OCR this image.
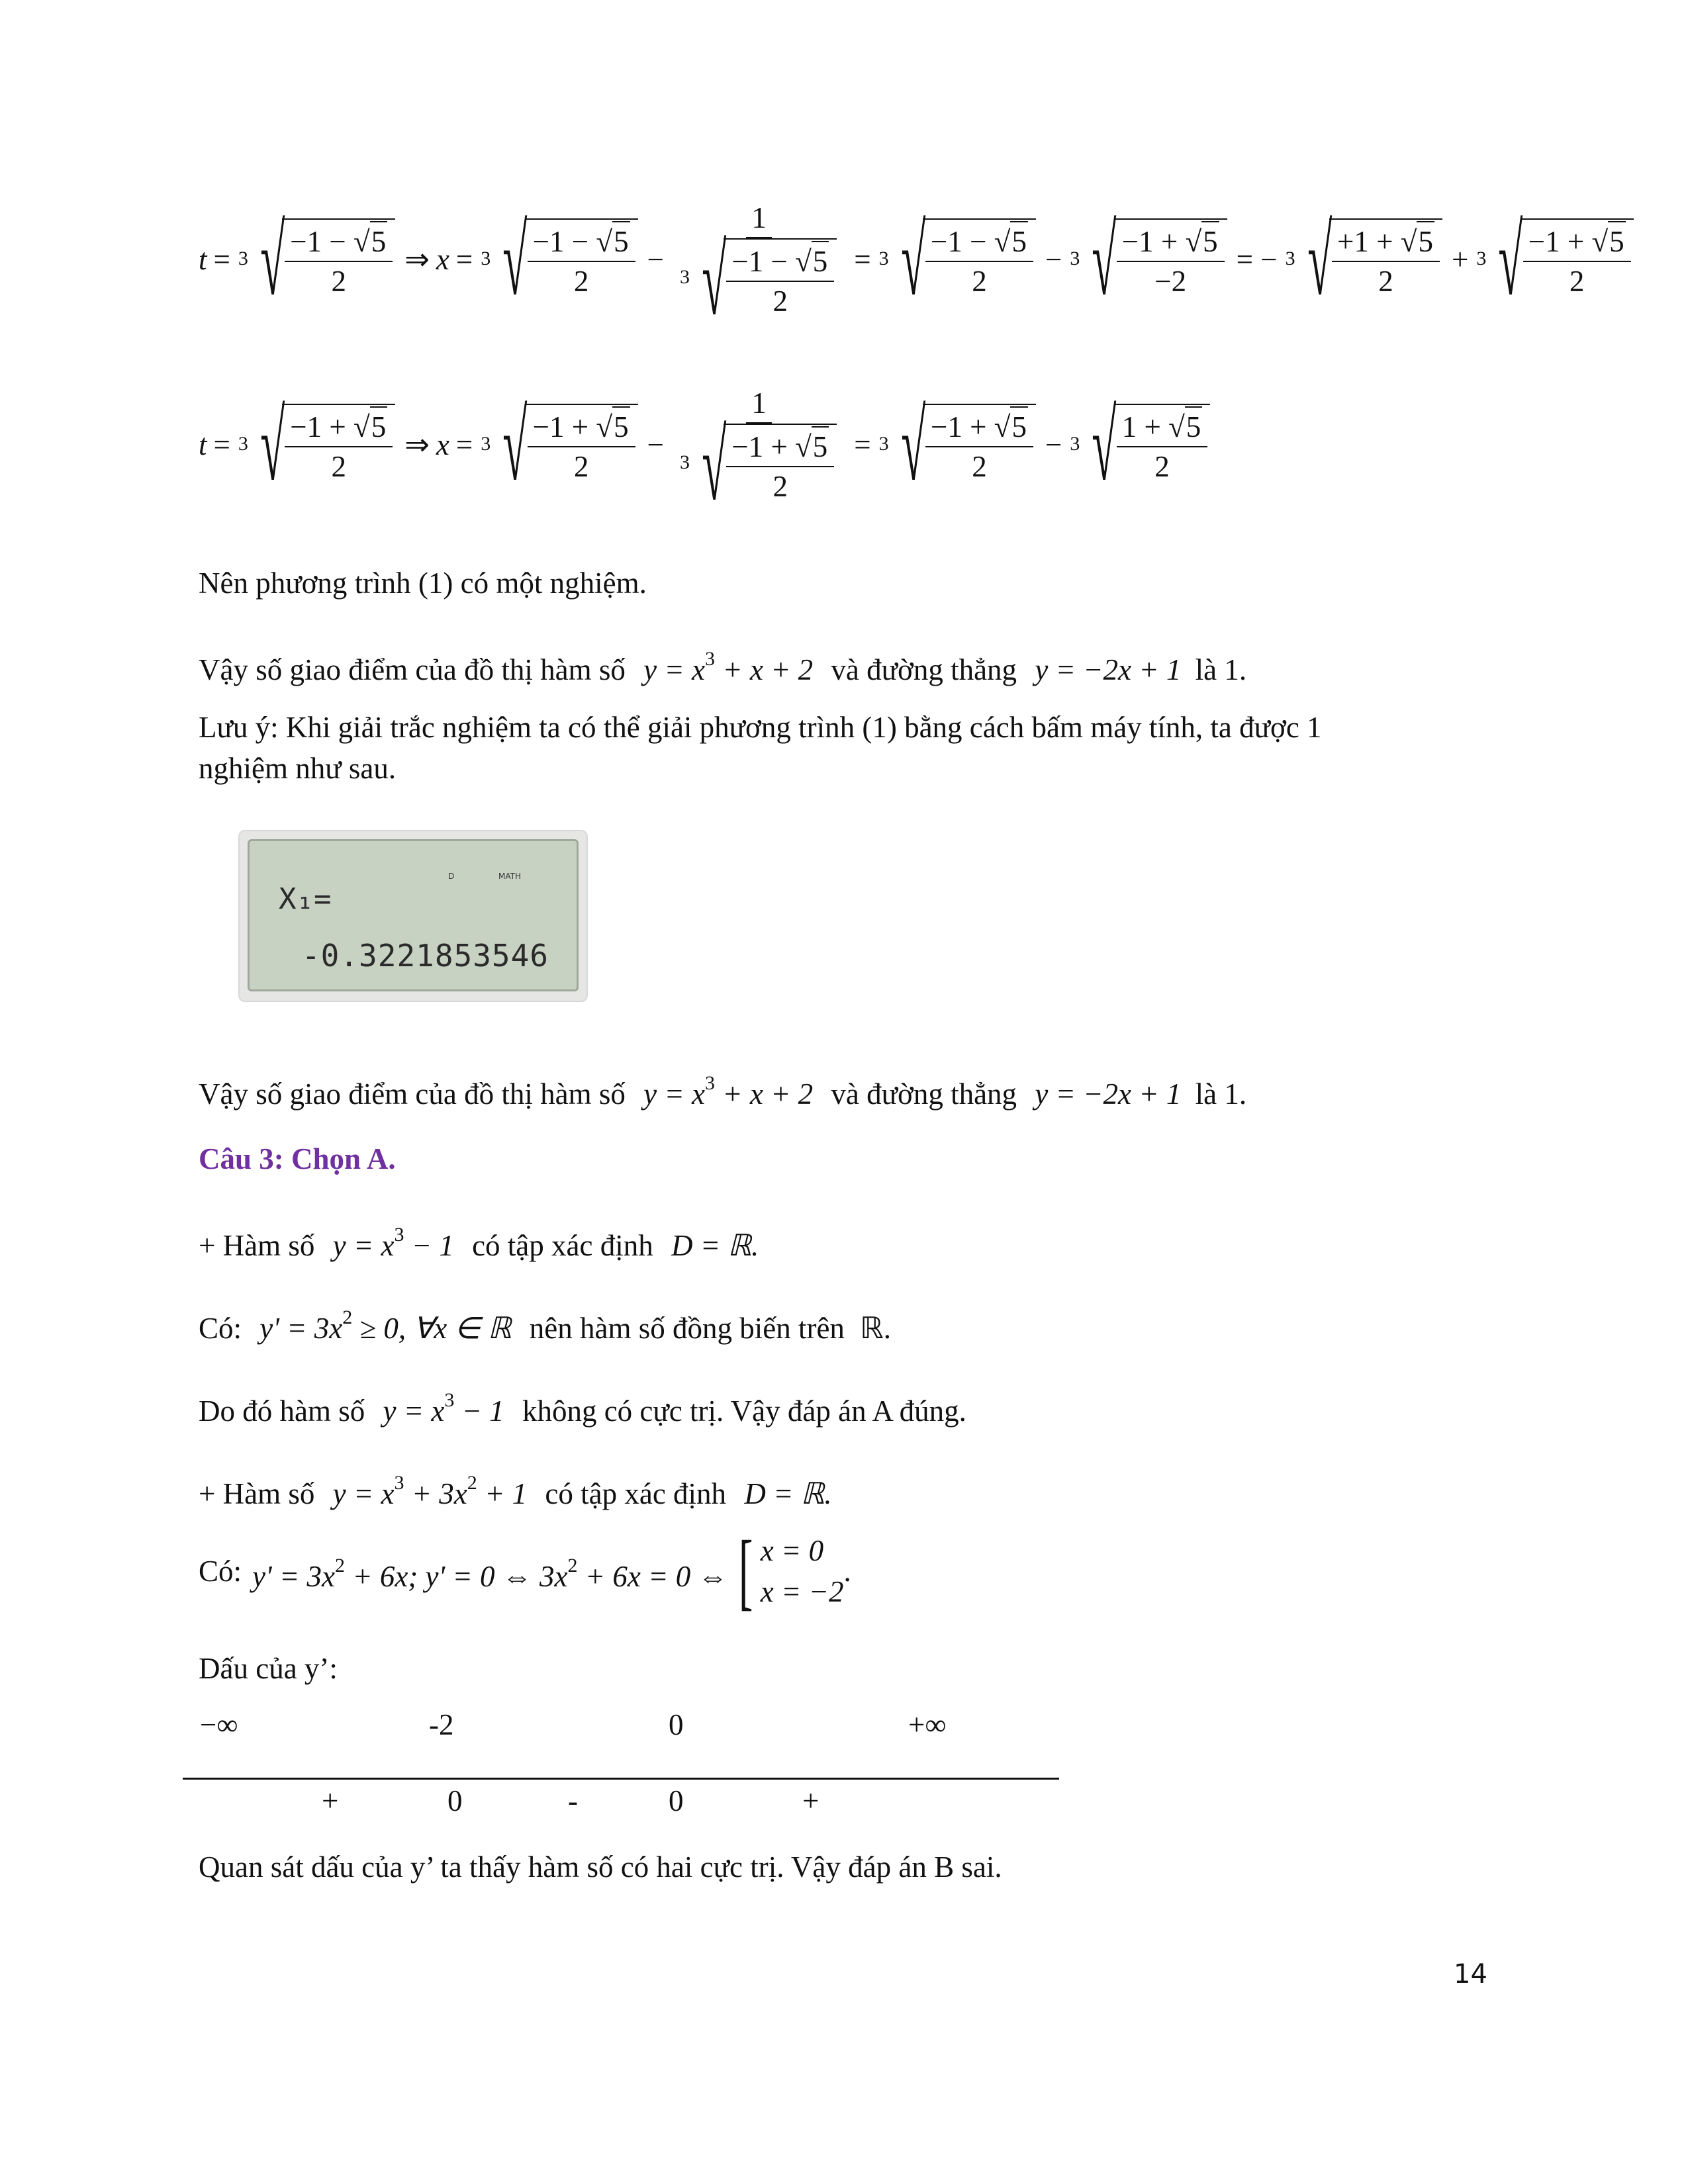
t = 3 √ $\frac{-1 - √ 5}{2}$ ⇒ x = 3 √ $\frac{-1 - √ 5}{2} - \frac{1}{3 √ \frac{-1 - √ 5}{2}} = 3$ √ $\frac{-1 - √ 5}{2} - 3$ √ $\frac{-1 + √ 5}{-2}$ = − 3 √ $\frac{+1 + √ 5}{2} + 3$ √ $\frac{-1 + √ 5}{2}$
t = 3 √ $\frac{-1 + √ 5}{2}$ ⇒ x = 3 √ $\frac{-1 + √ 5}{2} - \frac{1}{3 √ \frac{-1 + √ 5}{2}} = 3$ √ $\frac{-1 + √ 5}{2} - 3$ √ $\frac{1 + √ 5}{2}$
Nên phương trình (1) có một nghiệm.
Vậy số giao điểm của đồ thị hàm số $y = x^3 + x + 2$ và đường thẳng y = −2x + 1 là 1.
Lưu ý: Khi giải trắc nghiệm ta có thể giải phương trình (1) bằng cách bấm máy tính, ta được 1
nghiệm như sau.
D	MATH
X₁=
-0.3221853546
Vậy số giao điểm của đồ thị hàm số $y = x^3 + x + 2$ và đường thẳng y = −2x + 1 là 1.
Câu 3: Chọn A.
+ Hàm số $y = x^3 - 1$ có tập xác định D = ℝ.
Có: $y' = 3x^2 \ge 0$, ∀x ∈ ℝ nên hàm số đồng biến trên ℝ.
Do đó hàm số $y = x^3 - 1$ không có cực trị. Vậy đáp án A đúng.
+ Hàm số $y = x^3 + 3x^2 + 1$ có tập xác định D = ℝ.
Có: $y' = 3x^2 + 6x$; y' = 0 ⇔ $3x^2 + 6x = 0$ ⇔ [ x = 0
x = −2
.
Dấu của y’:
−∞	-2	0	+∞
+	0	-	0	+
Quan sát dấu của y’ ta thấy hàm số có hai cực trị. Vậy đáp án B sai.
14
